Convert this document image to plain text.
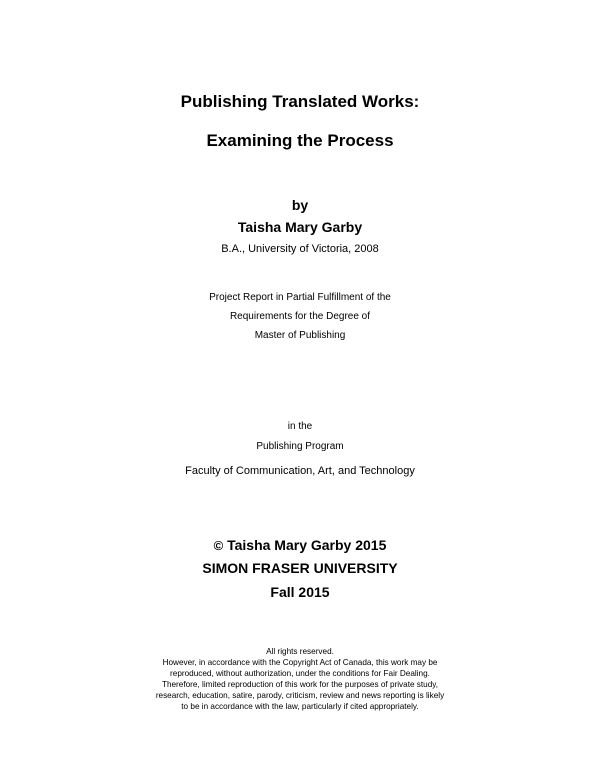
Publishing Translated Works:
Examining the Process

by

Taisha Mary Garby

B.A., University of Victoria, 2008

Project Report in Partial Fulfillment of the

Requirements for the Degree of

Master of Publishing

in the

Publishing Program

Faculty of Communication, Art, and Technology

© Taisha Mary Garby 2015

SIMON FRASER UNIVERSITY

Fall 2015

All rights reserved.

However, in accordance with the Copyright Act of Canada, this work may be

reproduced, without authorization, under the conditions for Fair Dealing.

Therefore, limited reproduction of this work for the purposes of private study,

research, education, satire, parody, criticism, review and news reporting is likely

to be in accordance with the law, particularly if cited appropriately.
